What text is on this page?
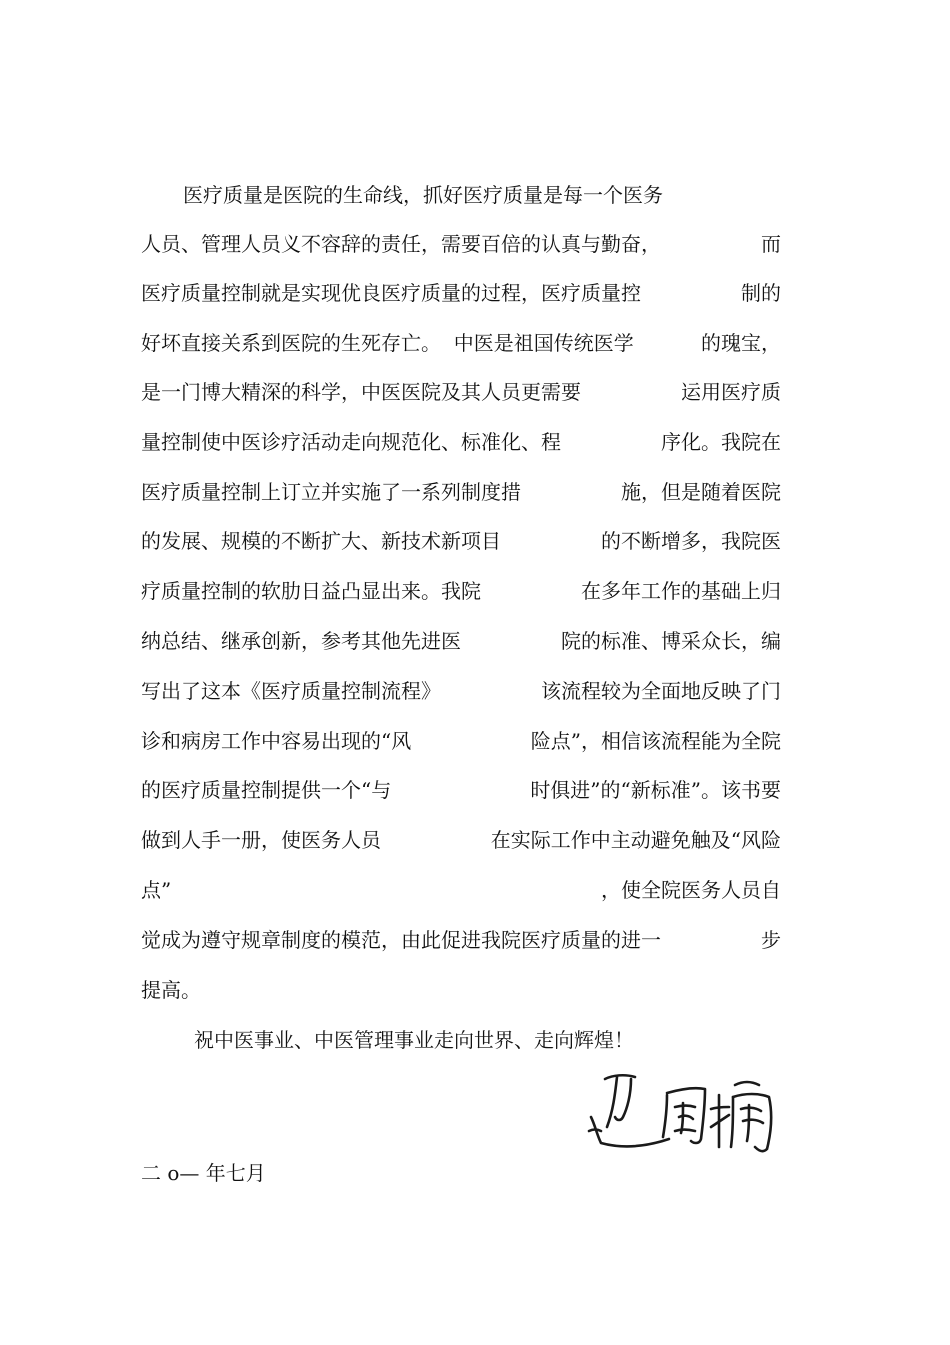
医疗质量是医院的生命线，抓好医疗质量是每一个医务

人员、管理人员义不容辞的责任，需要百倍的认真与勤奋，

	而

医疗质量控制就是实现优良医疗质量的过程，医疗质量控

	制的

好坏直接关系到医院的生死存亡。  中医是祖国传统医学

	的瑰宝，

是一门博大精深的科学，中医医院及其人员更需要

	运用医疗质

量控制使中医诊疗活动走向规范化、标准化、程

	序化。我院在

医疗质量控制上订立并实施了一系列制度措

	施，但是随着医院

的发展、规模的不断扩大、新技术新项目

	的不断增多，我院医

疗质量控制的软肋日益凸显出来。我院

	在多年工作的基础上归

纳总结、继承创新，参考其他先进医

	院的标准、博采众长，编

写出了这本《医疗质量控制流程》

	该流程较为全面地反映了门

诊和病房工作中容易出现的“风

	险点”，相信该流程能为全院

的医疗质量控制提供一个“与

	时俱进”的“新标准”。该书要

做到人手一册，使医务人员

	在实际工作中主动避免触及“风险

点”

	，使全院医务人员自

觉成为遵守规章制度的模范，由此促进我院医疗质量的进一

	步

提高。

祝中医事业、中医管理事业走向世界、走向辉煌！
二 o— 年七月
